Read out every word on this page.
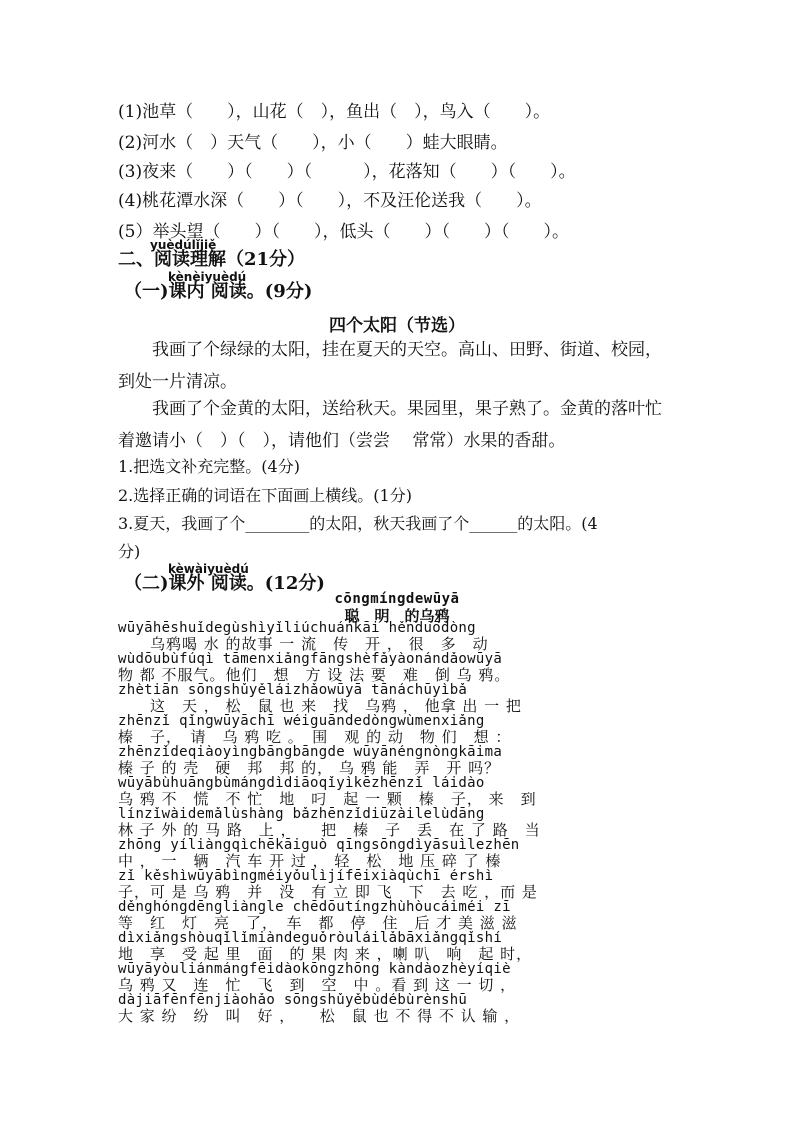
(1)池草（　　），山花（　），鱼出（　），鸟入（　　）。
(2)河水（　）天气（　　），小（　　）蛙大眼睛。
(3)夜来（　　）（　　）（　　　），花落知（　　）（　　）。
(4)桃花潭水深（　　）（　　），不及汪伦送我（　　）。
(5）举头望（　　）（　　），低头（　　）（　　）（　　）。
yuèdúlǐjiě
二、阅读理解（21分）
kènèiyuèdú
（一)课内 阅读。(9分)
四个太阳（节选）
我画了个绿绿的太阳，挂在夏天的天空。高山、田野、街道、校园，到处一片清凉。
我画了个金黄的太阳，送给秋天。果园里，果子熟了。金黄的落叶忙着邀请小（　）（　），请他们（尝尝　 常常）水果的香甜。
1.把选文补充完整。(4分)
2.选择正确的词语在下面画上横线。(1分)
3.夏天，我画了个________的太阳，秋天我画了个______的太阳。(4
分)
kèwàiyuèdú
（二)课外 阅读。(12分)
cōngmíngdewūyā
聪　明　的乌鸦
wūyāhēshuǐdegùshìyǐliúchuánkāi hěnduōdòng
　　乌鸦喝 水 的故事 一 流　传　开 ， 很　多　动
wùdōubùfúqì tāmenxiǎngfāngshèfǎyàonándǎowūyā
物 都 不服气。他们　想　方 设 法 要　难　倒 乌 鸦。
zhètiān sōngshǔyěláizhǎowūyā tānáchūyìbǎ
　　这　天 ， 松　鼠 也 来　找　乌鸦 ， 他拿 出 一 把
zhēnzǐ qǐngwūyāchī wéiguāndedòngwùmenxiǎng
榛　子，　请　乌 鸦 吃 。　围　观 的 动　物 们　想 ：
zhēnzǐdeqiàoyìngbāngbāngde wūyānéngnòngkāima
榛 子 的 壳　硬　邦　邦 的， 乌 鸦 能　弄　开 吗？
wūyābùhuāngbùmángdìdiāoqǐyìkēzhēnzǐ láidào
乌 鸦 不　慌　不 忙　地　叼　起 一 颗　榛　子， 来　到
línzǐwàidemǎlùshàng bǎzhēnzǐdiūzàilelùdāng
林 子 外 的 马 路　上 ，　　把　榛　子　丢　在 了 路　当
zhōng yíliàngqìchēkāiguò qīngsōngdìyāsuìlezhēn
中 ， 一　辆　汽 车 开 过 ， 轻　松　地 压 碎 了 榛
zǐ kěshìwūyābìngméiyǒulìjífēixiàqùchī érshì
子，可 是 乌 鸦　并　没　有 立 即 飞　下　去 吃 ，而 是
děnghóngdēngliàngle chēdōutíngzhùhòucáiméi zī
等　红　灯　亮　了，　车　都　停　住　后 才 美 滋 滋
dìxiǎngshòuqǐlǐmiàndeguǒròuláilǎbāxiǎngqǐshí
地　享　受 起 里　面　的 果 肉 来 ，喇 叭　响　起 时，
wūyāyòuliánmángfēidàokōngzhōng kàndàozhèyíqiè
乌 鸦 又　连　忙　飞　到　空　中 。看 到 这 一 切 ，
dàjiāfēnfēnjiàohǎo sōngshǔyěbùdébùrènshū
大 家 纷　纷　叫　好 ，　　松　鼠 也 不 得 不 认 输 ，
